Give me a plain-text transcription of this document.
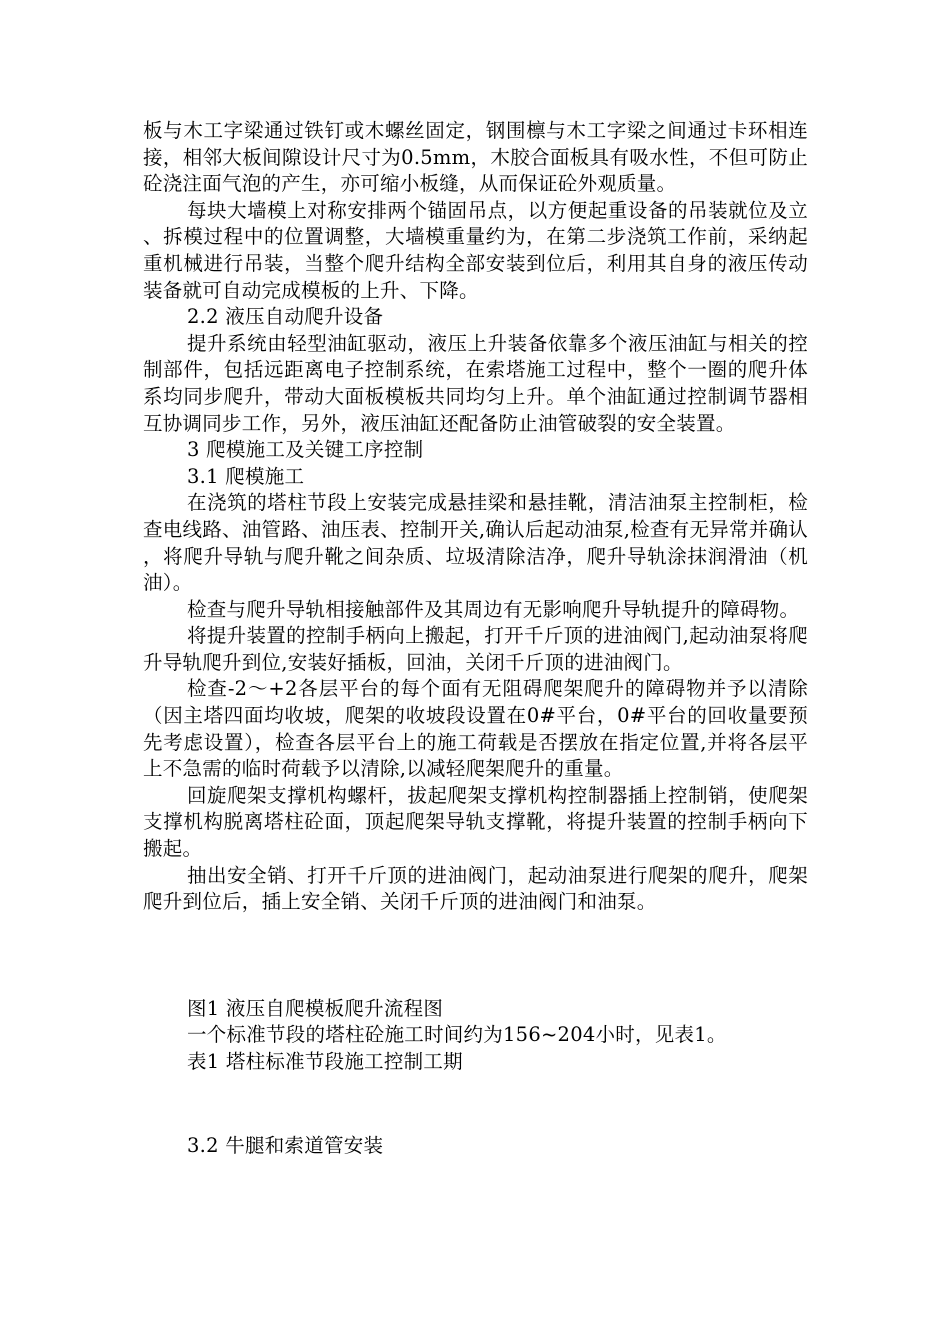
板与木工字梁通过铁钉或木螺丝固定，钢围檩与木工字梁之间通过卡环相连接，相邻大板间隙设计尺寸为0.5mm，木胶合面板具有吸水性，不但可防止砼浇注面气泡的产生，亦可缩小板缝，从而保证砼外观质量。

每块大墙模上对称安排两个锚固吊点，以方便起重设备的吊装就位及立、拆模过程中的位置调整，大墙模重量约为，在第二步浇筑工作前，采纳起重机械进行吊装，当整个爬升结构全部安装到位后，利用其自身的液压传动装备就可自动完成模板的上升、下降。

2.2 液压自动爬升设备

提升系统由轻型油缸驱动，液压上升装备依靠多个液压油缸与相关的控制部件，包括远距离电子控制系统，在索塔施工过程中，整个一圈的爬升体系均同步爬升，带动大面板模板共同均匀上升。单个油缸通过控制调节器相互协调同步工作，另外，液压油缸还配备防止油管破裂的安全装置。

3 爬模施工及关键工序控制

3.1 爬模施工

在浇筑的塔柱节段上安装完成悬挂梁和悬挂靴，清洁油泵主控制柜，检查电线路、油管路、油压表、控制开关,确认后起动油泵,检查有无异常并确认，将爬升导轨与爬升靴之间杂质、垃圾清除洁净，爬升导轨涂抹润滑油（机油）。

检查与爬升导轨相接触部件及其周边有无影响爬升导轨提升的障碍物。

将提升装置的控制手柄向上搬起，打开千斤顶的进油阀门,起动油泵将爬升导轨爬升到位,安装好插板，回油，关闭千斤顶的进油阀门。

检查-2～+2各层平台的每个面有无阻碍爬架爬升的障碍物并予以清除（因主塔四面均收坡，爬架的收坡段设置在0#平台，0#平台的回收量要预先考虑设置），检查各层平台上的施工荷载是否摆放在指定位置,并将各层平上不急需的临时荷载予以清除,以减轻爬架爬升的重量。

回旋爬架支撑机构螺杆，拔起爬架支撑机构控制器插上控制销，使爬架支撑机构脱离塔柱砼面，顶起爬架导轨支撑靴，将提升装置的控制手柄向下搬起。

抽出安全销、打开千斤顶的进油阀门，起动油泵进行爬架的爬升，爬架爬升到位后，插上安全销、关闭千斤顶的进油阀门和油泵。

图1 液压自爬模板爬升流程图

一个标准节段的塔柱砼施工时间约为156~204小时，见表1。

表1 塔柱标准节段施工控制工期

3.2 牛腿和索道管安装
